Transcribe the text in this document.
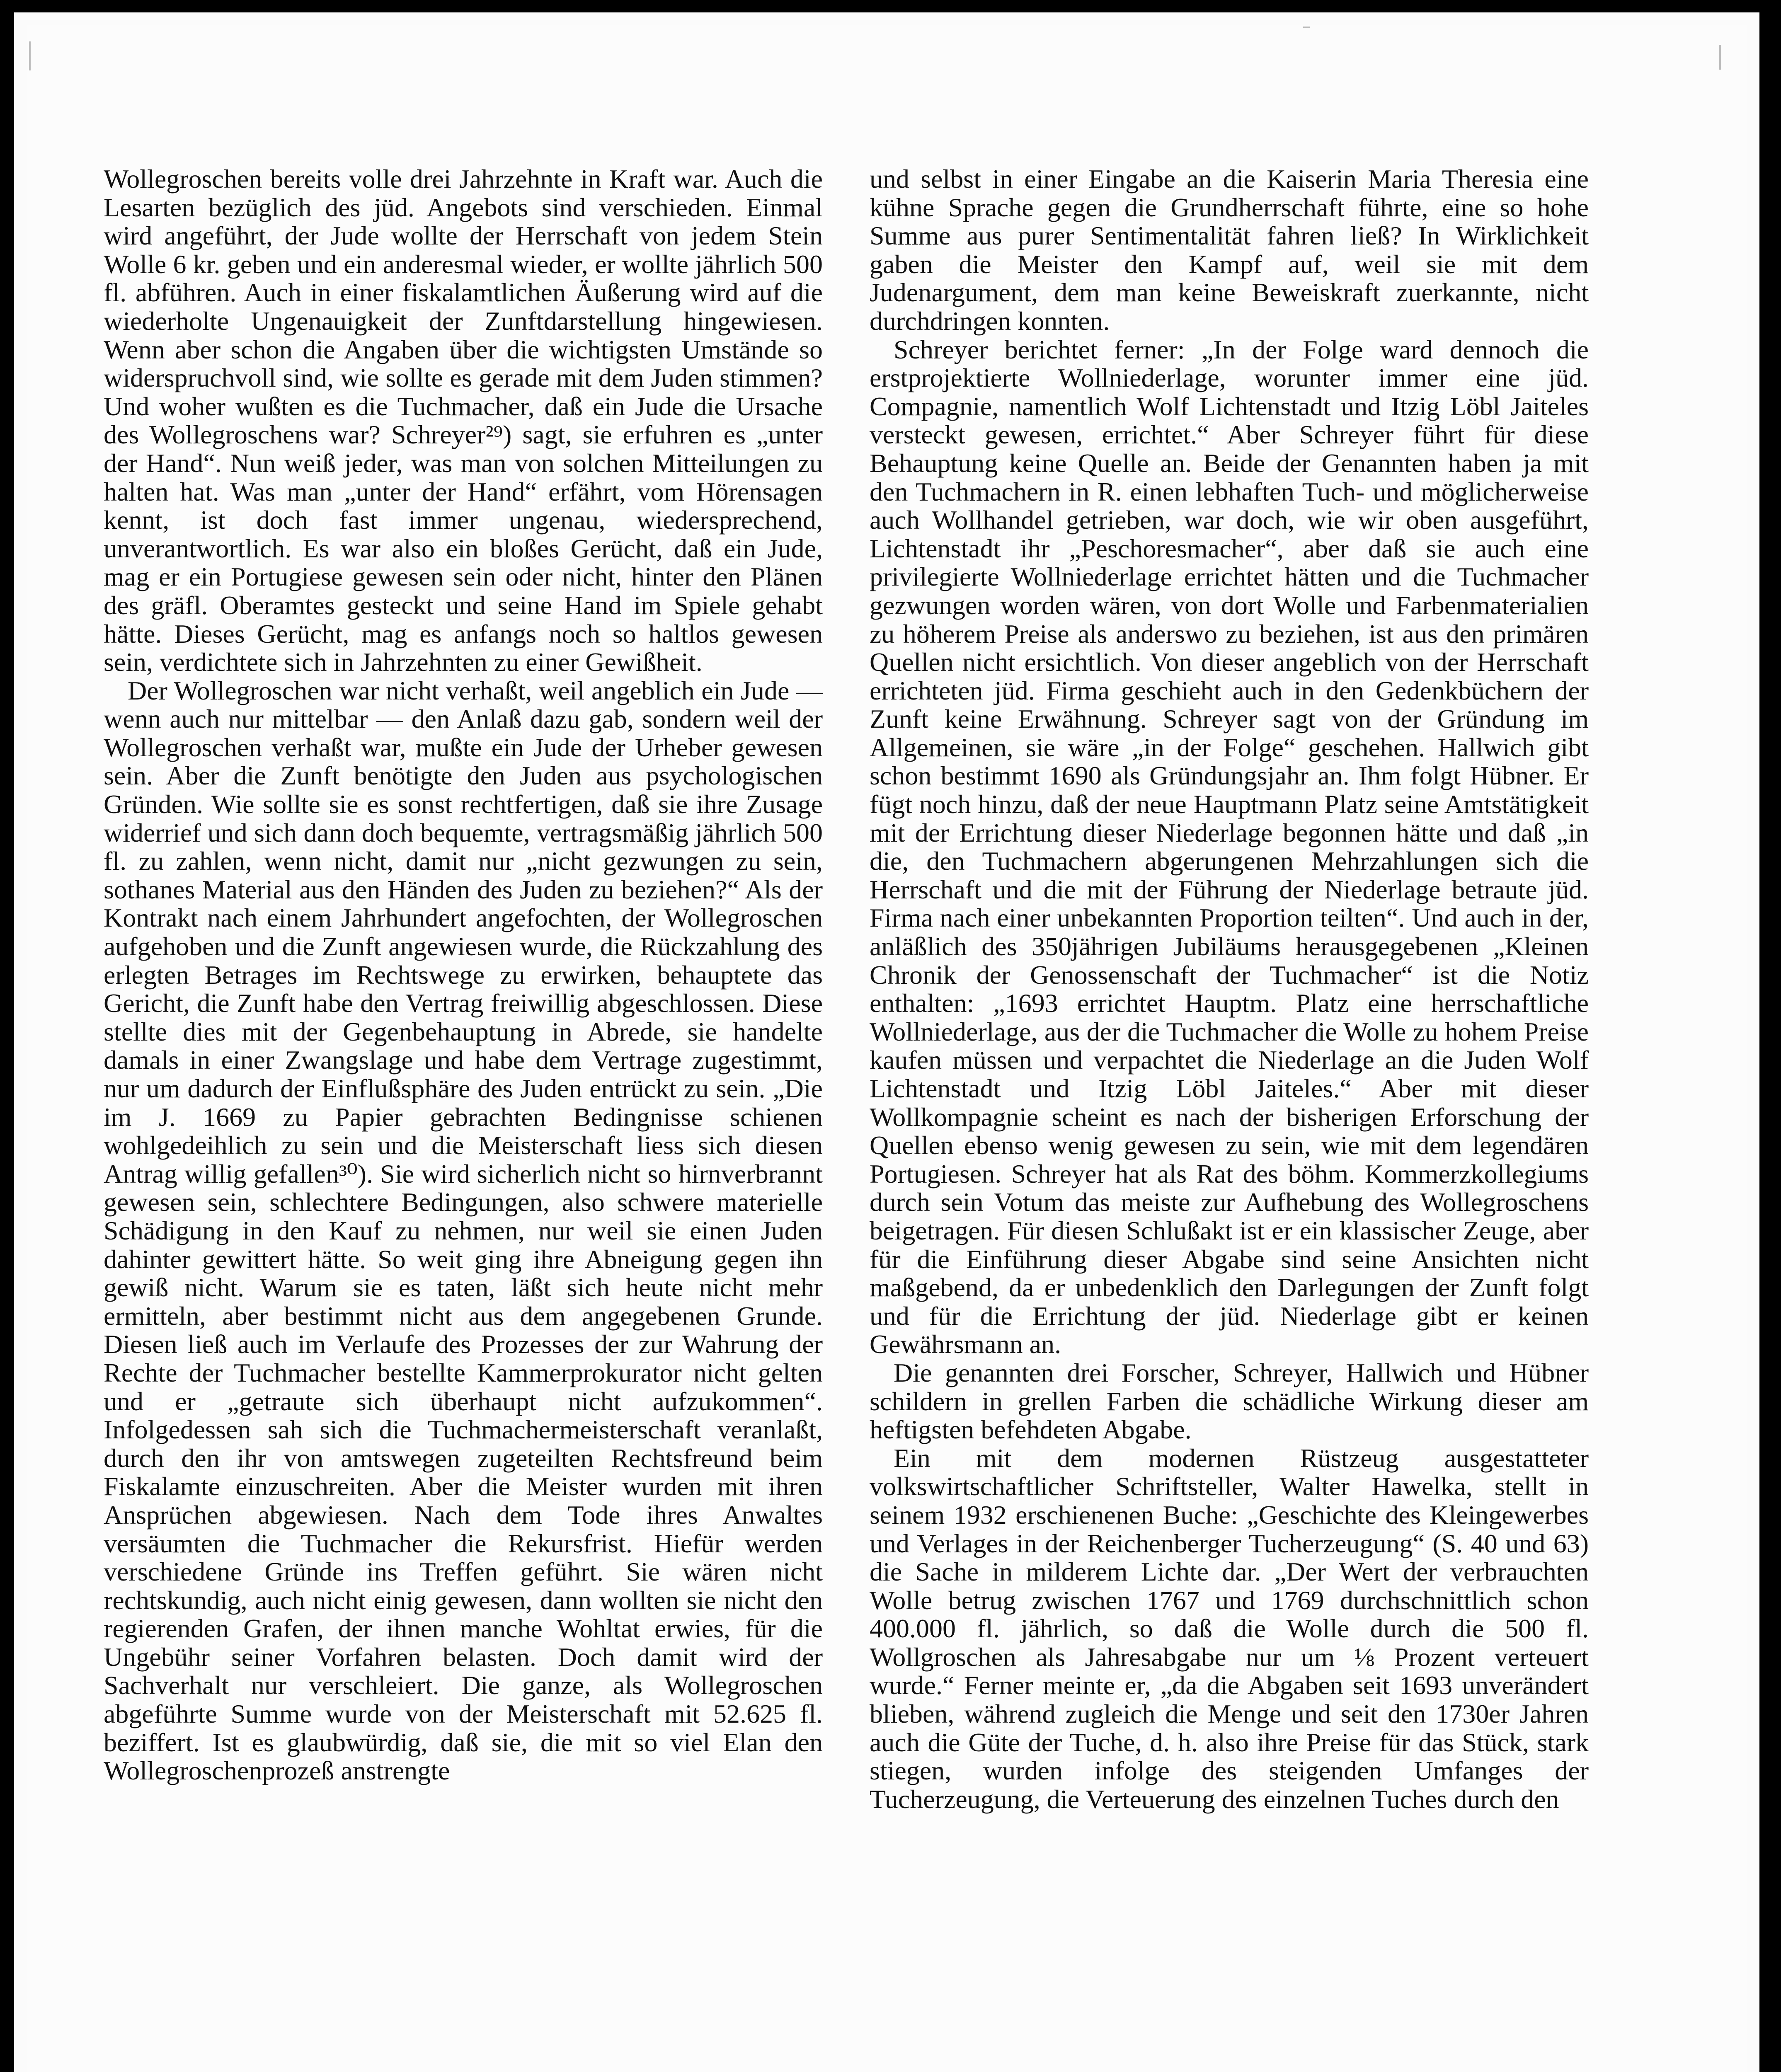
Wollegroschen bereits volle drei Jahrzehnte in Kraft war. Auch die Lesarten bezüglich des jüd. Angebots sind verschieden. Einmal wird angeführt, der Jude wollte der Herrschaft von jedem Stein Wolle 6 kr. geben und ein anderesmal wieder, er wollte jährlich 500 fl. abführen. Auch in einer fiskalamtlichen Äußerung wird auf die wiederholte Ungenauigkeit der Zunftdarstellung hingewiesen. Wenn aber schon die Angaben über die wichtigsten Umstände so widerspruchvoll sind, wie sollte es gerade mit dem Juden stimmen? Und woher wußten es die Tuchmacher, daß ein Jude die Ursache des Wollegroschens war? Schreyer²⁹) sagt, sie erfuhren es „unter der Hand“. Nun weiß jeder, was man von solchen Mitteilungen zu halten hat. Was man „unter der Hand“ erfährt, vom Hörensagen kennt, ist doch fast immer ungenau, wiedersprechend, unverantwortlich. Es war also ein bloßes Gerücht, daß ein Jude, mag er ein Portugiese gewesen sein oder nicht, hinter den Plänen des gräfl. Oberamtes gesteckt und seine Hand im Spiele gehabt hätte. Dieses Gerücht, mag es anfangs noch so haltlos gewesen sein, verdichtete sich in Jahrzehnten zu einer Gewißheit.

Der Wollegroschen war nicht verhaßt, weil angeblich ein Jude — wenn auch nur mittelbar — den Anlaß dazu gab, sondern weil der Wollegroschen verhaßt war, mußte ein Jude der Urheber gewesen sein. Aber die Zunft benötigte den Juden aus psychologischen Gründen. Wie sollte sie es sonst rechtfertigen, daß sie ihre Zusage widerrief und sich dann doch bequemte, vertragsmäßig jährlich 500 fl. zu zahlen, wenn nicht, damit nur „nicht gezwungen zu sein, sothanes Material aus den Händen des Juden zu beziehen?“ Als der Kontrakt nach einem Jahrhundert angefochten, der Wollegroschen aufgehoben und die Zunft angewiesen wurde, die Rückzahlung des erlegten Betrages im Rechtswege zu erwirken, behauptete das Gericht, die Zunft habe den Vertrag freiwillig abgeschlossen. Diese stellte dies mit der Gegenbehauptung in Abrede, sie handelte damals in einer Zwangslage und habe dem Vertrage zugestimmt, nur um dadurch der Einflußsphäre des Juden entrückt zu sein. „Die im J. 1669 zu Papier gebrachten Bedingnisse schienen wohlgedeihlich zu sein und die Meisterschaft liess sich diesen Antrag willig gefallen³⁰). Sie wird sicherlich nicht so hirnverbrannt gewesen sein, schlechtere Bedingungen, also schwere materielle Schädigung in den Kauf zu nehmen, nur weil sie einen Juden dahinter gewittert hätte. So weit ging ihre Abneigung gegen ihn gewiß nicht. Warum sie es taten, läßt sich heute nicht mehr ermitteln, aber bestimmt nicht aus dem angegebenen Grunde. Diesen ließ auch im Verlaufe des Prozesses der zur Wahrung der Rechte der Tuchmacher bestellte Kammerprokurator nicht gelten und er „getraute sich überhaupt nicht aufzukommen“. Infolgedessen sah sich die Tuchmachermeisterschaft veranlaßt, durch den ihr von amtswegen zugeteilten Rechtsfreund beim Fiskalamte einzuschreiten. Aber die Meister wurden mit ihren Ansprüchen abgewiesen. Nach dem Tode ihres Anwaltes versäumten die Tuchmacher die Rekursfrist. Hiefür werden verschiedene Gründe ins Treffen geführt. Sie wären nicht rechtskundig, auch nicht einig gewesen, dann wollten sie nicht den regierenden Grafen, der ihnen manche Wohltat erwies, für die Ungebühr seiner Vorfahren belasten. Doch damit wird der Sachverhalt nur verschleiert. Die ganze, als Wollegroschen abgeführte Summe wurde von der Meisterschaft mit 52.625 fl. beziffert. Ist es glaubwürdig, daß sie, die mit so viel Elan den Wollegroschenprozeß anstrengte

und selbst in einer Eingabe an die Kaiserin Maria Theresia eine kühne Sprache gegen die Grundherrschaft führte, eine so hohe Summe aus purer Sentimentalität fahren ließ? In Wirklichkeit gaben die Meister den Kampf auf, weil sie mit dem Judenargument, dem man keine Beweiskraft zuerkannte, nicht durchdringen konnten.

Schreyer berichtet ferner: „In der Folge ward dennoch die erstprojektierte Wollniederlage, worunter immer eine jüd. Compagnie, namentlich Wolf Lichtenstadt und Itzig Löbl Jaiteles versteckt gewesen, errichtet.“ Aber Schreyer führt für diese Behauptung keine Quelle an. Beide der Genannten haben ja mit den Tuchmachern in R. einen lebhaften Tuch- und möglicherweise auch Wollhandel getrieben, war doch, wie wir oben ausgeführt, Lichtenstadt ihr „Peschoresmacher“, aber daß sie auch eine privilegierte Wollniederlage errichtet hätten und die Tuchmacher gezwungen worden wären, von dort Wolle und Farbenmaterialien zu höherem Preise als anderswo zu beziehen, ist aus den primären Quellen nicht ersichtlich. Von dieser angeblich von der Herrschaft errichteten jüd. Firma geschieht auch in den Gedenkbüchern der Zunft keine Erwähnung. Schreyer sagt von der Gründung im Allgemeinen, sie wäre „in der Folge“ geschehen. Hallwich gibt schon bestimmt 1690 als Gründungsjahr an. Ihm folgt Hübner. Er fügt noch hinzu, daß der neue Hauptmann Platz seine Amtstätigkeit mit der Errichtung dieser Niederlage begonnen hätte und daß „in die, den Tuchmachern abgerungenen Mehrzahlungen sich die Herrschaft und die mit der Führung der Niederlage betraute jüd. Firma nach einer unbekannten Proportion teilten“. Und auch in der, anläßlich des 350jährigen Jubiläums herausgegebenen „Kleinen Chronik der Genossenschaft der Tuchmacher“ ist die Notiz enthalten: „1693 errichtet Hauptm. Platz eine herrschaftliche Wollniederlage, aus der die Tuchmacher die Wolle zu hohem Preise kaufen müssen und verpachtet die Niederlage an die Juden Wolf Lichtenstadt und Itzig Löbl Jaiteles.“ Aber mit dieser Wollkompagnie scheint es nach der bisherigen Erforschung der Quellen ebenso wenig gewesen zu sein, wie mit dem legendären Portugiesen. Schreyer hat als Rat des böhm. Kommerzkollegiums durch sein Votum das meiste zur Aufhebung des Wollegroschens beigetragen. Für diesen Schlußakt ist er ein klassischer Zeuge, aber für die Einführung dieser Abgabe sind seine Ansichten nicht maßgebend, da er unbedenklich den Darlegungen der Zunft folgt und für die Errichtung der jüd. Niederlage gibt er keinen Gewährsmann an.

Die genannten drei Forscher, Schreyer, Hallwich und Hübner schildern in grellen Farben die schädliche Wirkung dieser am heftigsten befehdeten Abgabe.

Ein mit dem modernen Rüstzeug ausgestatteter volkswirtschaftlicher Schriftsteller, Walter Hawelka, stellt in seinem 1932 erschienenen Buche: „Geschichte des Kleingewerbes und Verlages in der Reichenberger Tucherzeugung“ (S. 40 und 63) die Sache in milderem Lichte dar. „Der Wert der verbrauchten Wolle betrug zwischen 1767 und 1769 durchschnittlich schon 400.000 fl. jährlich, so daß die Wolle durch die 500 fl. Wollgroschen als Jahresabgabe nur um ⅛ Prozent verteuert wurde.“ Ferner meinte er, „da die Abgaben seit 1693 unverändert blieben, während zugleich die Menge und seit den 1730er Jahren auch die Güte der Tuche, d. h. also ihre Preise für das Stück, stark stiegen, wurden infolge des steigenden Umfanges der Tucherzeugung, die Verteuerung des einzelnen Tuches durch den
